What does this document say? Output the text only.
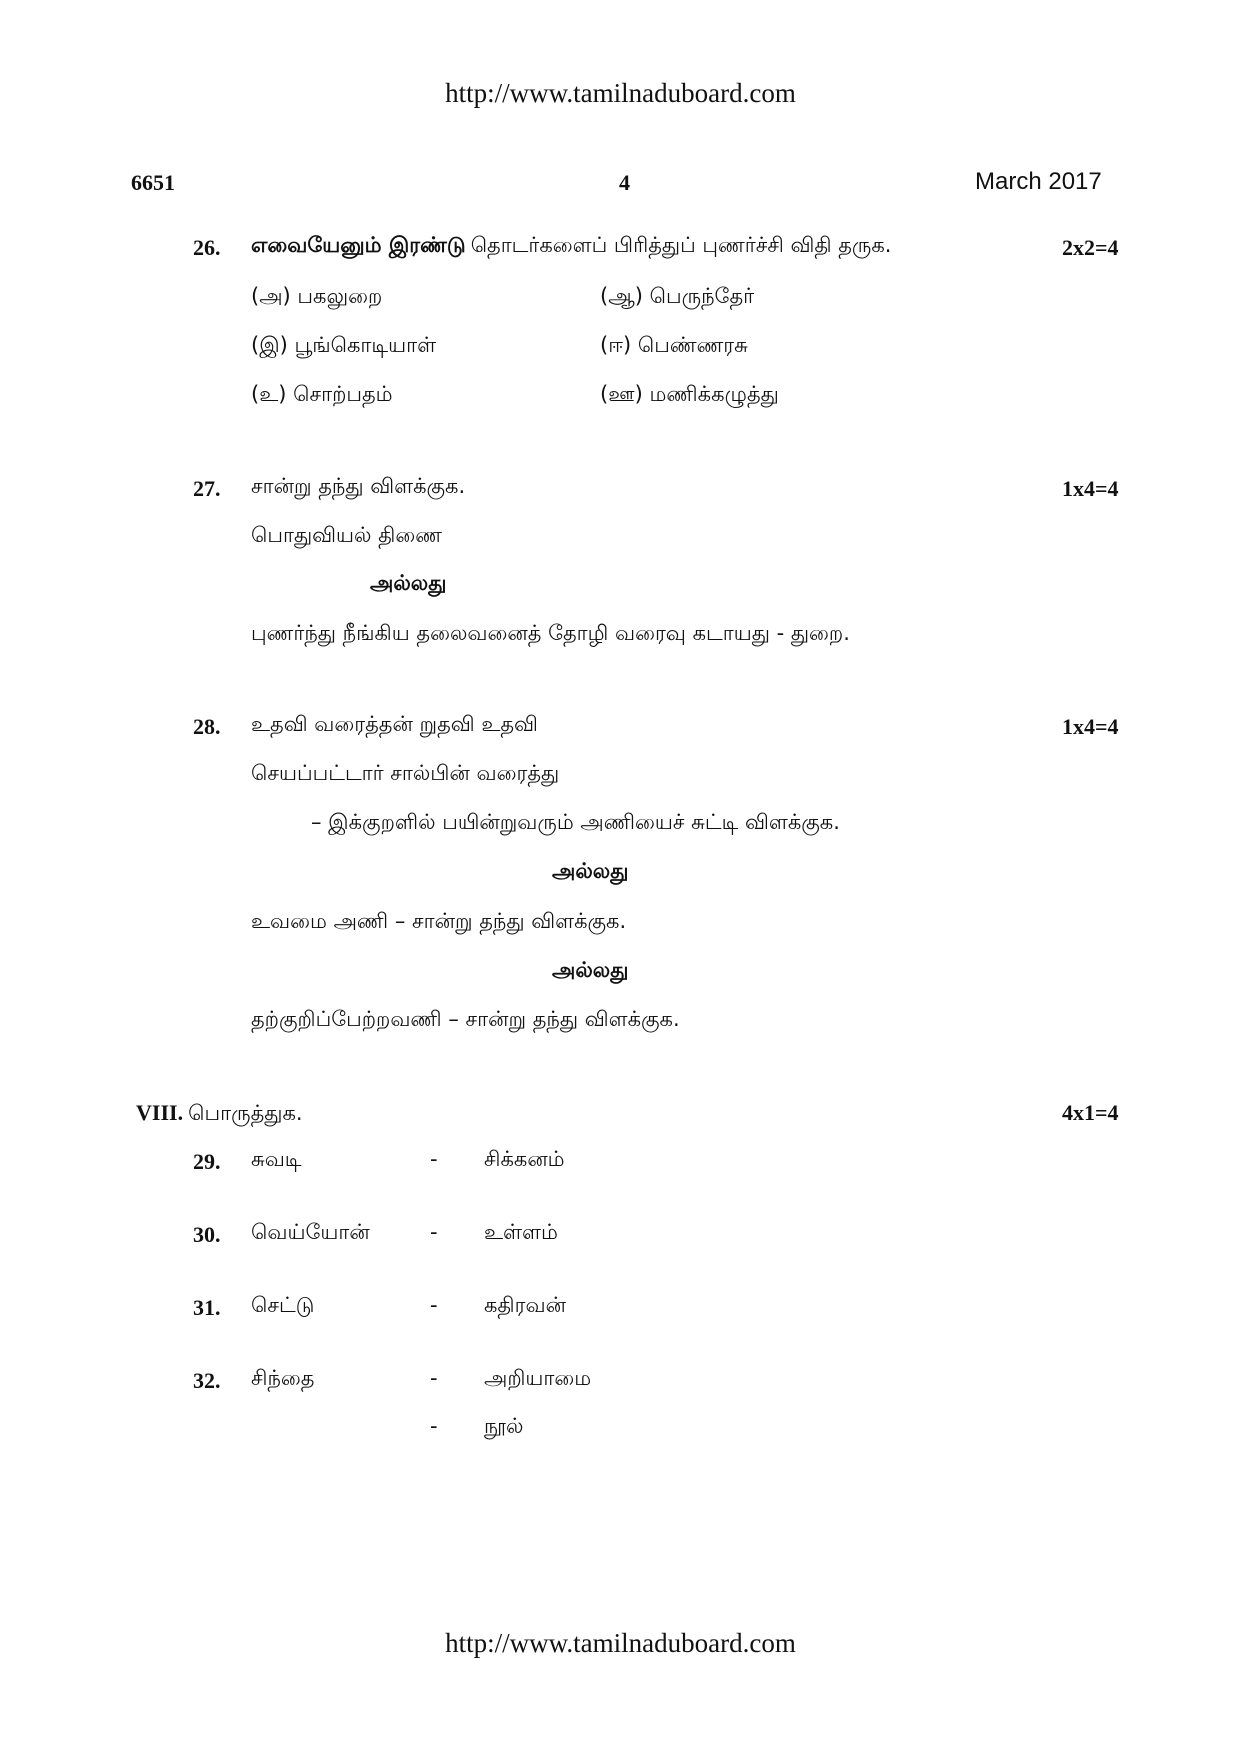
http://www.tamilnaduboard.com
6651	4	March 2017
26. எவையேனும் இரண்டு தொடர்களைப் பிரித்துப் புணர்ச்சி விதி தருக.	2x2=4
(அ) பகலுறை	(ஆ) பெருந்தேர்
(இ) பூங்கொடியாள்	(ஈ) பெண்ணரசு
(உ) சொற்பதம்	(ஊ) மணிக்கழுத்து
27. சான்று தந்து விளக்குக.	1x4=4
பொதுவியல் திணை
அல்லது
புணர்ந்து நீங்கிய தலைவனைத் தோழி வரைவு கடாயது - துறை.
28. உதவி வரைத்தன் றுதவி உதவி	1x4=4
செயப்பட்டார் சால்பின் வரைத்து
– இக்குறளில் பயின்றுவரும் அணியைச் சுட்டி விளக்குக.
அல்லது
உவமை அணி – சான்று தந்து விளக்குக.
அல்லது
தற்குறிப்பேற்றவணி – சான்று தந்து விளக்குக.
VIII. பொருத்துக.	4x1=4
29. சுவடி	- சிக்கனம்
30. வெய்யோன்	- உள்ளம்
31. செட்டு	- கதிரவன்
32. சிந்தை	- அறியாமை
- நூல்
http://www.tamilnaduboard.com
